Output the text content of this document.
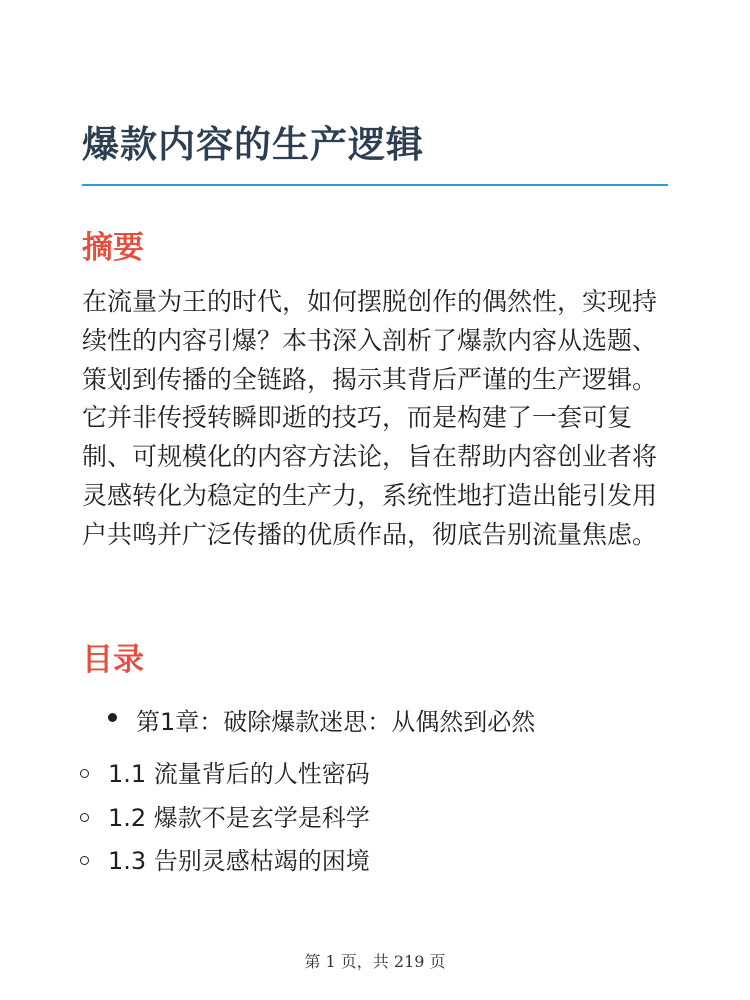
爆款内容的生产逻辑
摘要

在流量为王的时代，如何摆脱创作的偶然性，实现持续性的内容引爆？本书深入剖析了爆款内容从选题、策划到传播的全链路，揭示其背后严谨的生产逻辑。它并非传授转瞬即逝的技巧，而是构建了一套可复制、可规模化的内容方法论，旨在帮助内容创业者将灵感转化为稳定的生产力，系统性地打造出能引发用户共鸣并广泛传播的优质作品，彻底告别流量焦虑。

目录
第1章：破除爆款迷思：从偶然到必然
1.1 流量背后的人性密码
1.2 爆款不是玄学是科学
1.3 告别灵感枯竭的困境
第 1 页，共 219 页
